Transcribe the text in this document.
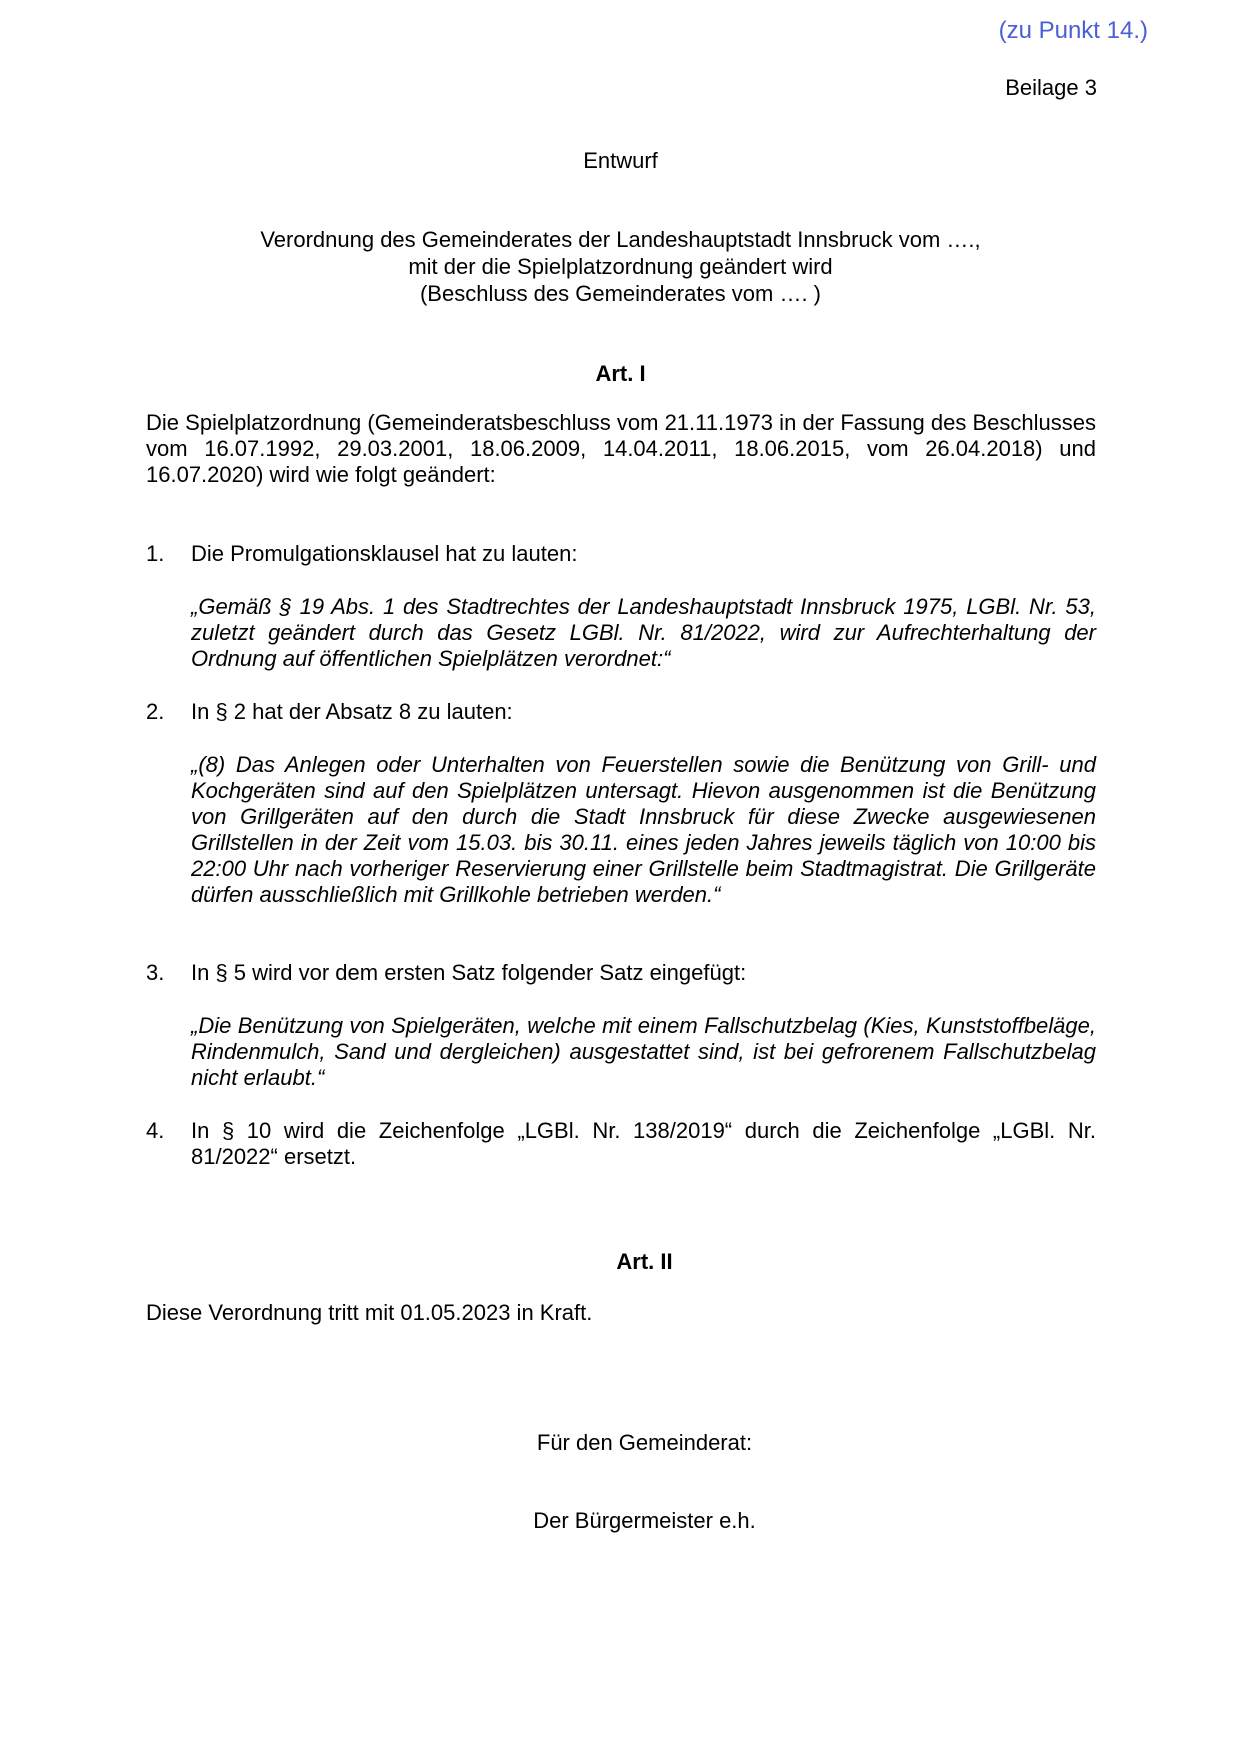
(zu Punkt 14.)
Beilage 3
Entwurf
Verordnung des Gemeinderates der Landeshauptstadt Innsbruck vom ….,
mit der die Spielplatzordnung geändert wird
(Beschluss des Gemeinderates vom …. )
Art. I
Die Spielplatzordnung (Gemeinderatsbeschluss vom 21.11.1973 in der Fassung des Beschlusses vom 16.07.1992, 29.03.2001, 18.06.2009, 14.04.2011, 18.06.2015, vom 26.04.2018) und 16.07.2020) wird wie folgt geändert:
1. Die Promulgationsklausel hat zu lauten:
„Gemäß § 19 Abs. 1 des Stadtrechtes der Landeshauptstadt Innsbruck 1975, LGBl. Nr. 53, zuletzt geändert durch das Gesetz LGBl. Nr. 81/2022, wird zur Aufrechterhaltung der Ordnung auf öffentlichen Spielplätzen verordnet:“
2. In § 2 hat der Absatz 8 zu lauten:
„(8) Das Anlegen oder Unterhalten von Feuerstellen sowie die Benützung von Grill- und Kochgeräten sind auf den Spielplätzen untersagt. Hievon ausgenommen ist die Benützung von Grillgeräten auf den durch die Stadt Innsbruck für diese Zwecke ausgewiesenen Grillstellen in der Zeit vom 15.03. bis 30.11. eines jeden Jahres jeweils täglich von 10:00 bis 22:00 Uhr nach vorheriger Reservierung einer Grillstelle beim Stadtmagistrat. Die Grillgeräte dürfen ausschließlich mit Grillkohle betrieben werden.“
3. In § 5 wird vor dem ersten Satz folgender Satz eingefügt:
„Die Benützung von Spielgeräten, welche mit einem Fallschutzbelag (Kies, Kunststoffbeläge, Rindenmulch, Sand und dergleichen) ausgestattet sind, ist bei gefrorenem Fallschutzbelag nicht erlaubt.“
4. In § 10 wird die Zeichenfolge „LGBl. Nr. 138/2019“ durch die Zeichenfolge „LGBl. Nr. 81/2022“ ersetzt.
Art. II
Diese Verordnung tritt mit 01.05.2023 in Kraft.
Für den Gemeinderat:
Der Bürgermeister e.h.
